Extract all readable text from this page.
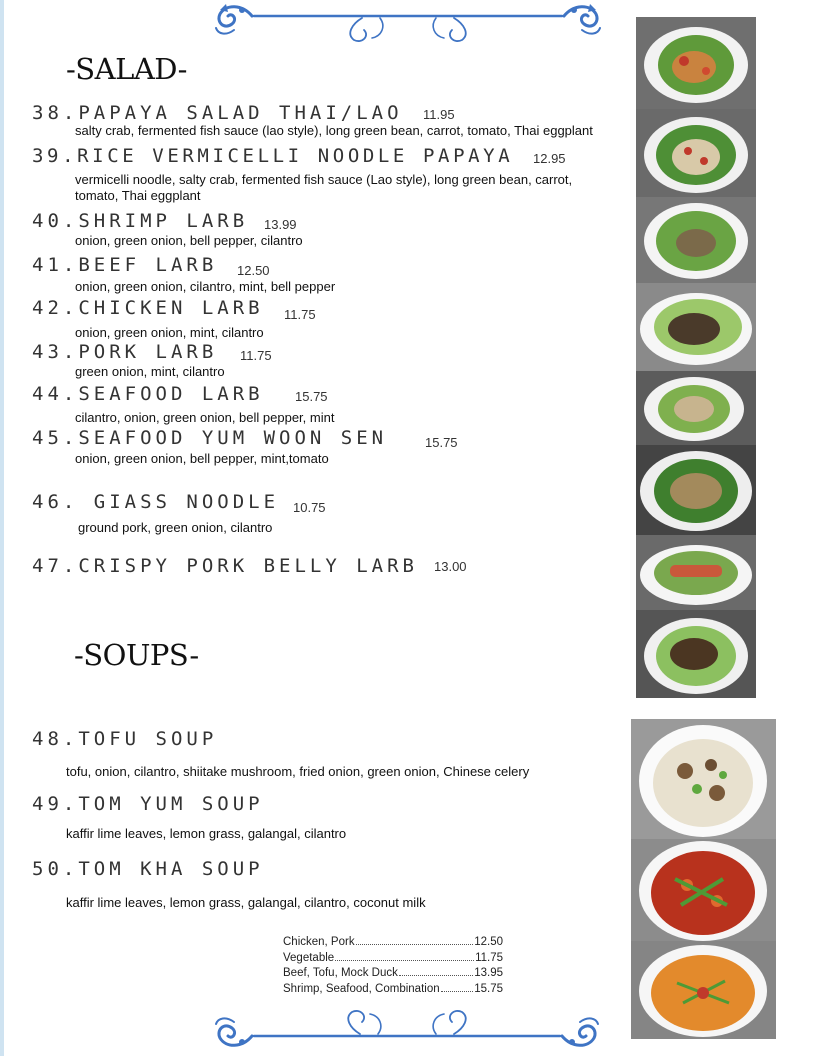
-SALAD-
-SOUPS-
38.PAPAYA SALAD THAI/LAO 11.95
salty crab, fermented fish sauce (lao style), long green bean, carrot, tomato, Thai eggplant
39.RICE VERMICELLI NOODLE PAPAYA 12.95
vermicelli noodle, salty crab, fermented fish sauce (Lao style), long green bean, carrot, tomato, Thai eggplant
40.SHRIMP LARB 13.99
onion, green onion, bell pepper, cilantro
41.BEEF LARB 12.50
onion, green onion, cilantro, mint, bell pepper
42.CHICKEN LARB 11.75
onion, green onion, mint, cilantro
43.PORK LARB 11.75
green onion, mint, cilantro
44.SEAFOOD LARB 15.75
cilantro, onion, green onion, bell pepper, mint
45.SEAFOOD YUM WOON SEN	15.75
onion, green onion, bell pepper, mint,tomato
46. GIASS NOODLE 10.75
ground pork, green onion, cilantro
47.CRISPY PORK BELLY LARB 13.00
48.TOFU SOUP
tofu, onion, cilantro, shiitake mushroom, fried onion, green onion, Chinese celery
49.TOM YUM SOUP
kaffir lime leaves, lemon grass, galangal, cilantro
50.TOM KHA SOUP
kaffir lime leaves, lemon grass, galangal, cilantro, coconut milk
Chicken, Pork	12.50
Vegetable	11.75
Beef, Tofu, Mock Duck	13.95
Shrimp, Seafood, Combination	15.75
